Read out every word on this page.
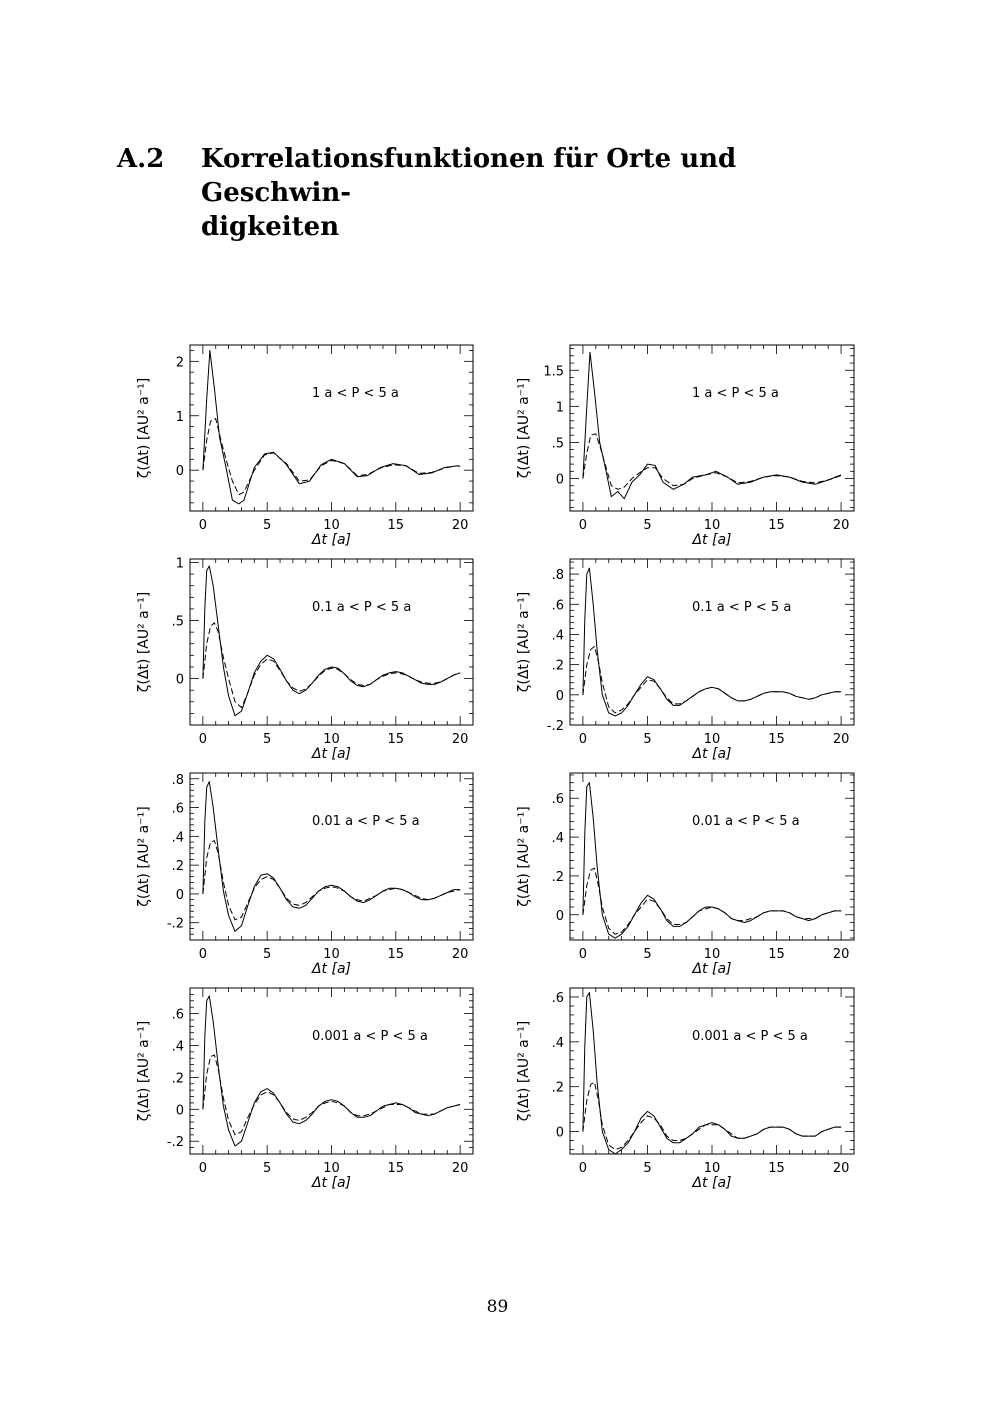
A.2 Korrelationsfunktionen für Orte und Geschwin-
digkeiten
0	5	10	15	20
0
1
2
Δt [a]
ζ(Δt) [AU² a⁻¹]	1 a < P < 5 a
0	5	10	15	20
0
.5
1
1.5
Δt [a]
ζ(Δt) [AU² a⁻¹]	1 a < P < 5 a
0	5	10	15	20
0
.5
1
Δt [a]
ζ(Δt) [AU² a⁻¹]	0.1 a < P < 5 a
0	5	10	15	20
-.2
0
.2
.4
.6
.8
Δt [a]
ζ(Δt) [AU² a⁻¹]	0.1 a < P < 5 a
0	5	10	15	20
-.2
0
.2
.4
.6
.8
Δt [a]
ζ(Δt) [AU² a⁻¹]	0.01 a < P < 5 a
0	5	10	15	20
0
.2
.4
.6
Δt [a]
ζ(Δt) [AU² a⁻¹]	0.01 a < P < 5 a
0	5	10	15	20
-.2
0
.2
.4
.6
Δt [a]
ζ(Δt) [AU² a⁻¹]	0.001 a < P < 5 a
0	5	10	15	20
0
.2
.4
.6
Δt [a]
ζ(Δt) [AU² a⁻¹]	0.001 a < P < 5 a
89
